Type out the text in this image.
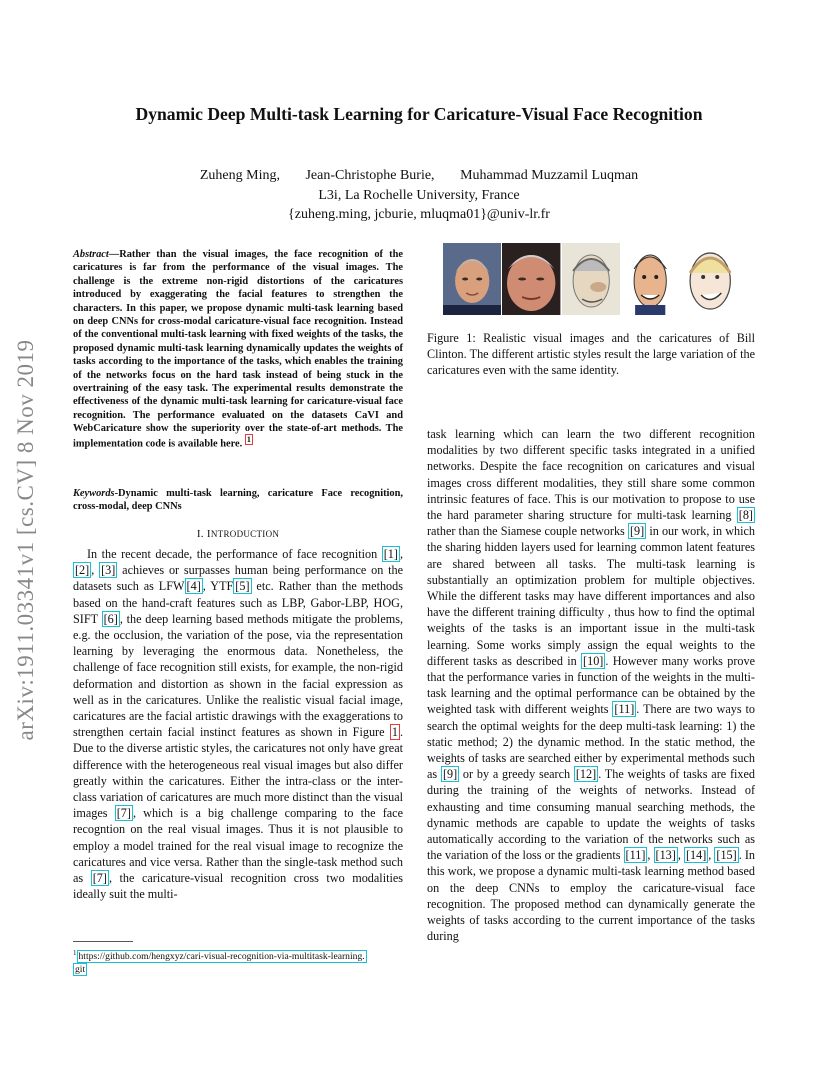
arXiv:1911.03341v1 [cs.CV] 8 Nov 2019
Dynamic Deep Multi-task Learning for Caricature-Visual Face Recognition
Zuheng Ming, Jean-Christophe Burie, Muhammad Muzzamil Luqman
L3i, La Rochelle University, France
{zuheng.ming, jcburie, mluqma01}@univ-lr.fr

Abstract—Rather than the visual images, the face recognition of the caricatures is far from the performance of the visual images. The challenge is the extreme non-rigid distortions of the caricatures introduced by exaggerating the facial features to strengthen the characters. In this paper, we propose dynamic multi-task learning based on deep CNNs for cross-modal caricature-visual face recognition. Instead of the conventional multi-task learning with fixed weights of the tasks, the proposed dynamic multi-task learning dynamically updates the weights of tasks according to the importance of the tasks, which enables the training of the networks focus on the hard task instead of being stuck in the overtraining of the easy task. The experimental results demonstrate the effectiveness of the dynamic multi-task learning for caricature-visual face recognition. The performance evaluated on the datasets CaVI and WebCaricature show the superiority over the state-of-art methods. The implementation code is available here. $^1$

Keywords-Dynamic multi-task learning, caricature Face recognition, cross-modal, deep CNNs

I. INTRODUCTION

In the recent decade, the performance of face recognition [1] , [2] , [3] achieves or surpasses human being performance on the datasets such as LFW [4] , YTF [5] etc. Rather than the methods based on the hand-craft features such as LBP, Gabor-LBP, HOG, SIFT [6] , the deep learning based methods mitigate the problems, e.g. the occlusion, the variation of the pose, via the representation learning by leveraging the enormous data. Nonetheless, the challenge of face recognition still exists, for example, the non-rigid deformation and distortion as shown in the facial expression as well as in the caricatures. Unlike the realistic visual facial image, caricatures are the facial artistic drawings with the exaggerations to strengthen certain facial instinct features as shown in Figure 1 . Due to the diverse artistic styles, the caricatures not only have great difference with the heterogeneous real visual images but also differ greatly within the caricatures. Either the intra-class or the inter-class variation of caricatures are much more distinct than the visual images [7] , which is a big challenge comparing to the face recogntion on the real visual images. Thus it is not plausible to employ a model trained for the real visual image to recognize the caricatures and vice versa. Rather than the single-task method such as [7] , the caricature-visual recognition cross two modalities ideally suit the multi-

$^1$ https://github.com/hengxyz/cari-visual-recognition-via-multitask-learning.
git

Figure 1: Realistic visual images and the caricatures of Bill Clinton. The different artistic styles result the large variation of the caricatures even with the same identity.

task learning which can learn the two different recognition modalities by two different specific tasks integrated in a unified networks. Despite the face recognition on caricatures and visual images cross different modalities, they still share some common intrinsic features of face. This is our motivation to propose to use the hard parameter sharing structure for multi-task learning [8] rather than the Siamese couple networks [9] in our work, in which the sharing hidden layers used for learning common latent features are shared between all tasks. The multi-task learning is substantially an optimization problem for multiple objectives. While the different tasks may have different importances and also have the different training difficulty , thus how to find the optimal weights of the tasks is an important issue in the multi-task learning. Some works simply assign the equal weights to the different tasks as described in [10] . However many works prove that the performance varies in function of the weights in the multi-task learning and the optimal performance can be obtained by the weighted task with different weights [11] . There are two ways to search the optimal weights for the deep multi-task learning: 1) the static method; 2) the dynamic method. In the static method, the weights of tasks are searched either by experimental methods such as [9] or by a greedy search [12] . The weights of tasks are fixed during the training of the weights of networks. Instead of exhausting and time consuming manual searching methods, the dynamic methods are capable to update the weights of tasks automatically according to the variation of the networks such as the variation of the loss or the gradients [11] , [13] , [14] , [15] . In this work, we propose a dynamic multi-task learning method based on the deep CNNs to employ the caricature-visual face recognition. The proposed method can dynamically generate the weights of tasks according to the current importance of the tasks during
